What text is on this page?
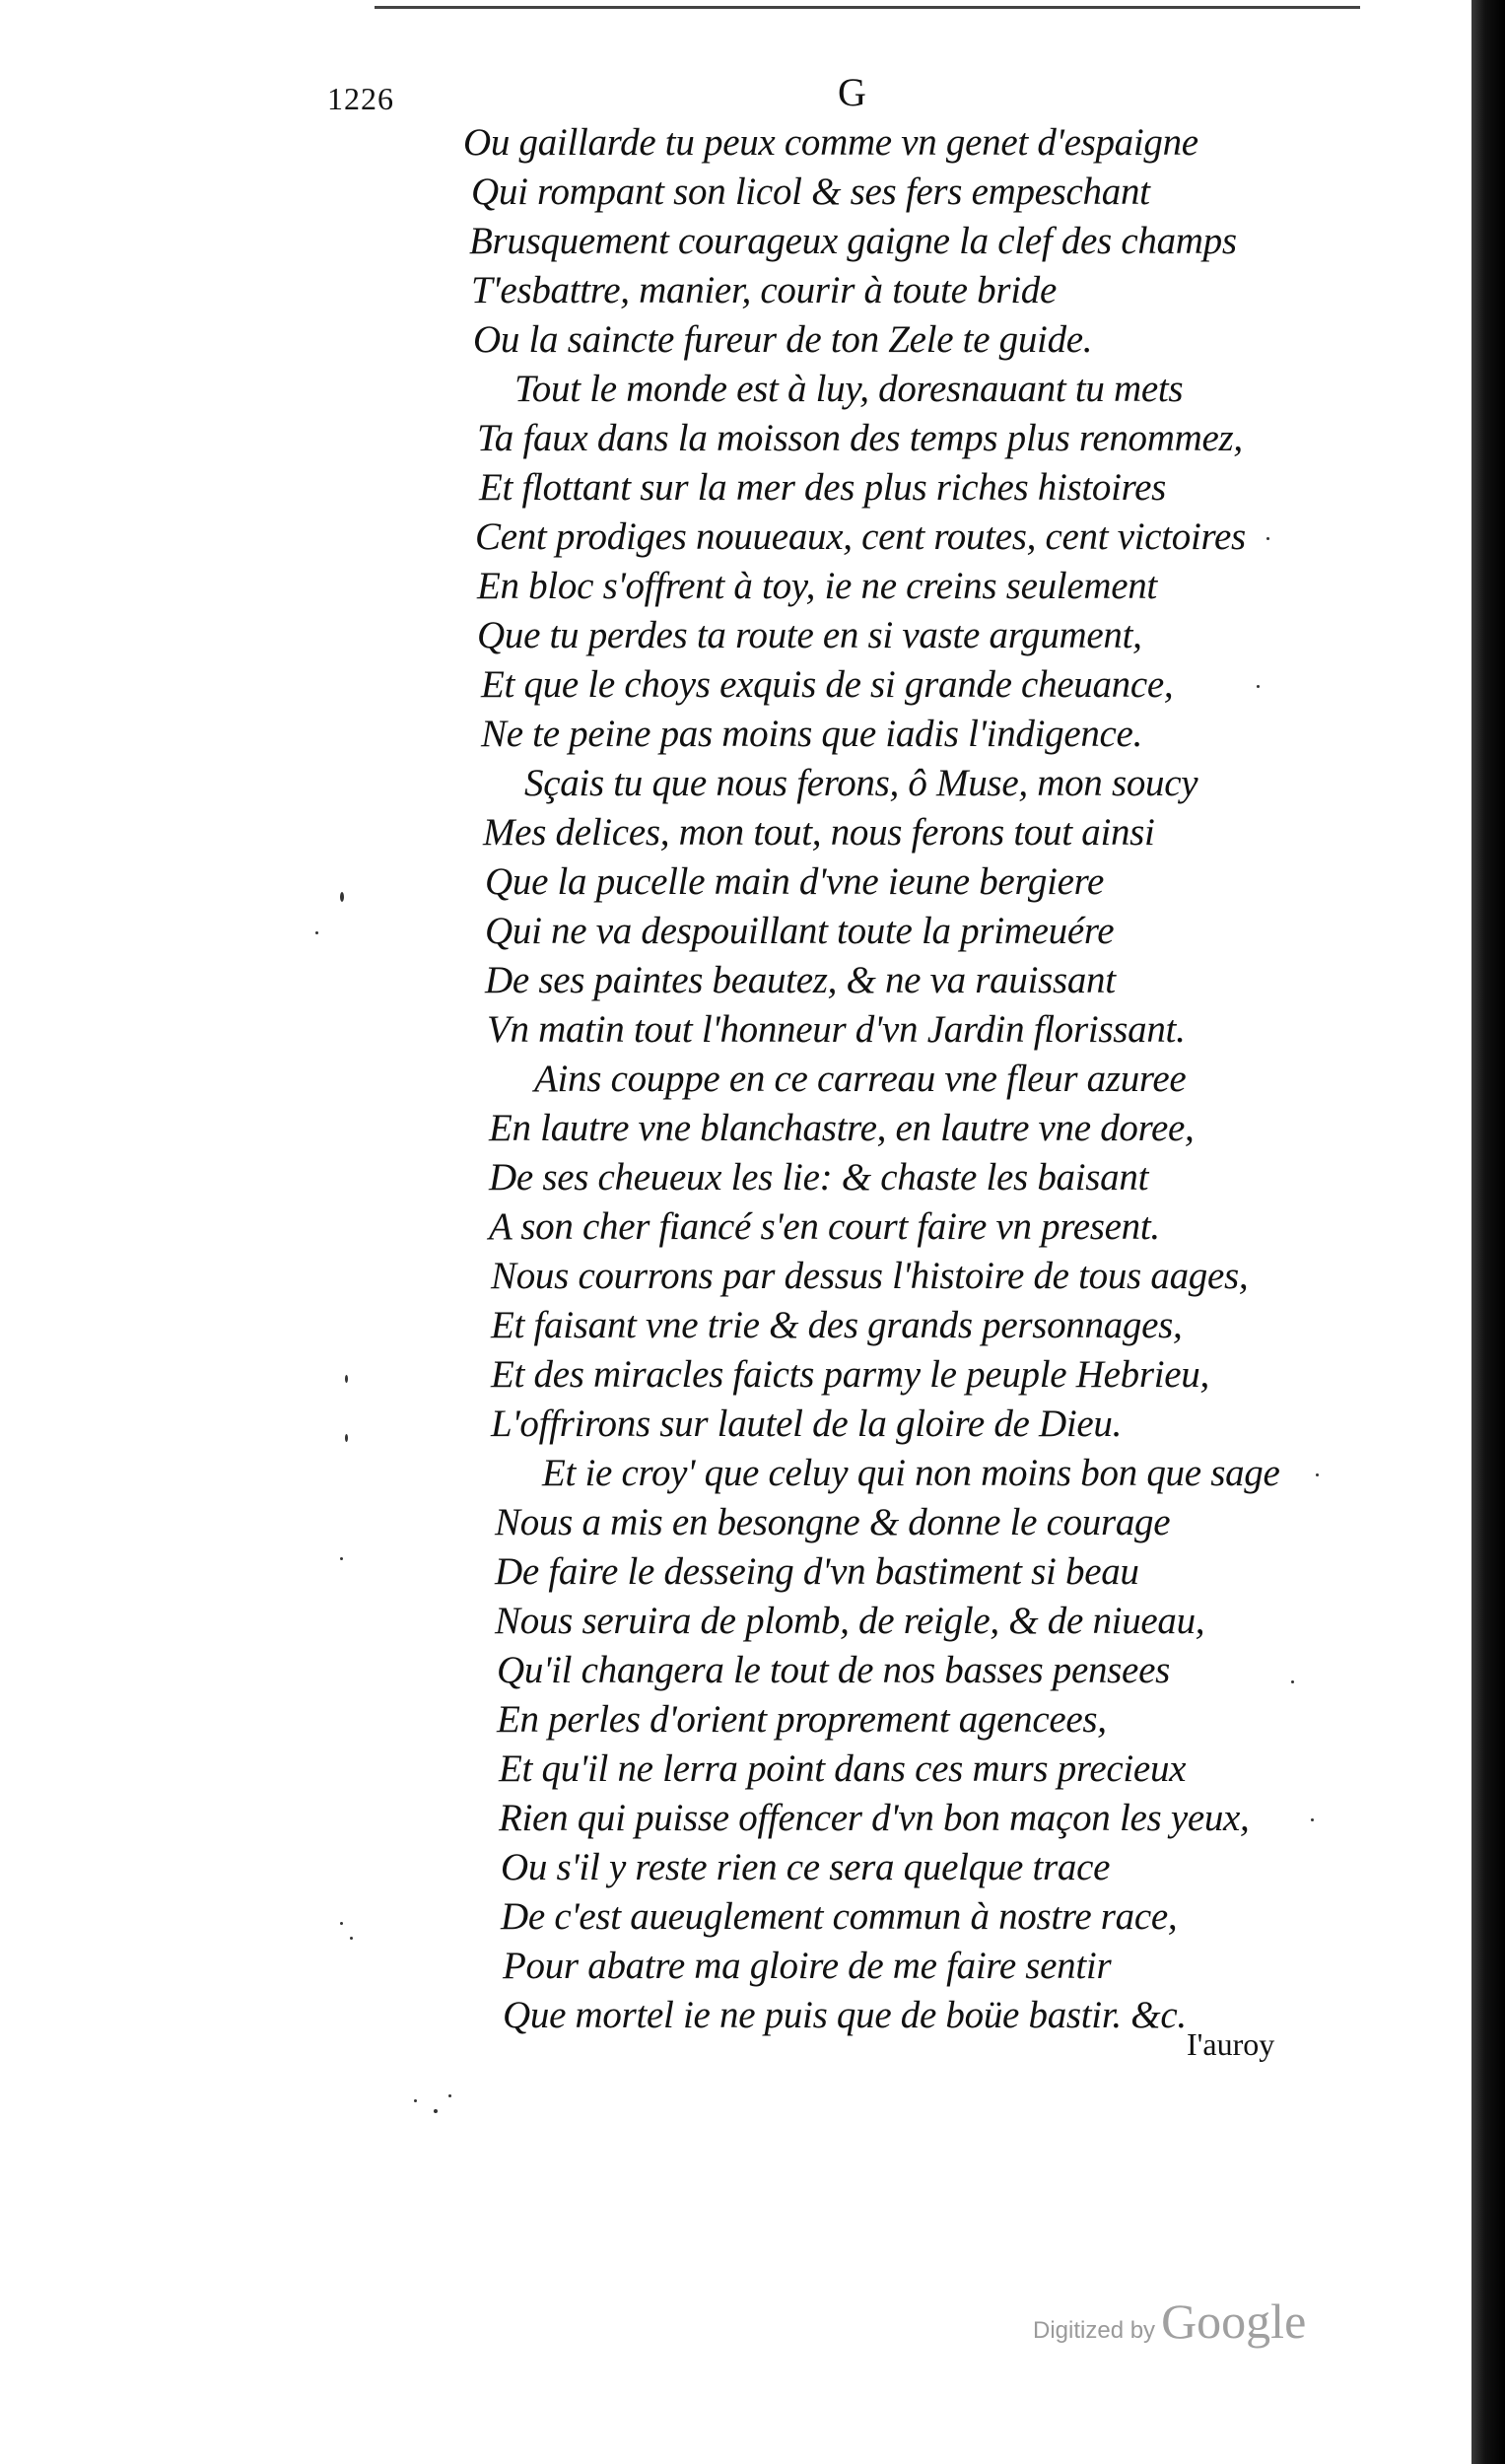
1226	G
Ou gaillarde tu peux comme vn genet d'espaigne
Qui rompant son licol & ses fers empeschant
Brusquement courageux gaigne la clef des champs
T'esbattre, manier, courir à toute bride
Ou la saincte fureur de ton Zele te guide.
Tout le monde est à luy, doresnauant tu mets
Ta faux dans la moisson des temps plus renommez,
Et flottant sur la mer des plus riches histoires
Cent prodiges nouueaux, cent routes, cent victoires
En bloc s'offrent à toy, ie ne creins seulement
Que tu perdes ta route en si vaste argument,
Et que le choys exquis de si grande cheuance,
Ne te peine pas moins que iadis l'indigence.
Sçais tu que nous ferons, ô Muse, mon soucy
Mes delices, mon tout, nous ferons tout ainsi
Que la pucelle main d'vne ieune bergiere
Qui ne va despouillant toute la primeuére
De ses paintes beautez, & ne va rauissant
Vn matin tout l'honneur d'vn Jardin florissant.
Ains couppe en ce carreau vne fleur azuree
En lautre vne blanchastre, en lautre vne doree,
De ses cheueux les lie: & chaste les baisant
A son cher fiancé s'en court faire vn present.
Nous courrons par dessus l'histoire de tous aages,
Et faisant vne trie & des grands personnages,
Et des miracles faicts parmy le peuple Hebrieu,
L'offrirons sur lautel de la gloire de Dieu.
Et ie croy' que celuy qui non moins bon que sage
Nous a mis en besongne & donne le courage
De faire le desseing d'vn bastiment si beau
Nous seruira de plomb, de reigle, & de niueau,
Qu'il changera le tout de nos basses pensees
En perles d'orient proprement agencees,
Et qu'il ne lerra point dans ces murs precieux
Rien qui puisse offencer d'vn bon maçon les yeux,
Ou s'il y reste rien ce sera quelque trace
De c'est aueuglement commun à nostre race,
Pour abatre ma gloire de me faire sentir
Que mortel ie ne puis que de boüe bastir. &c.
I'auroy
Digitized by Google
